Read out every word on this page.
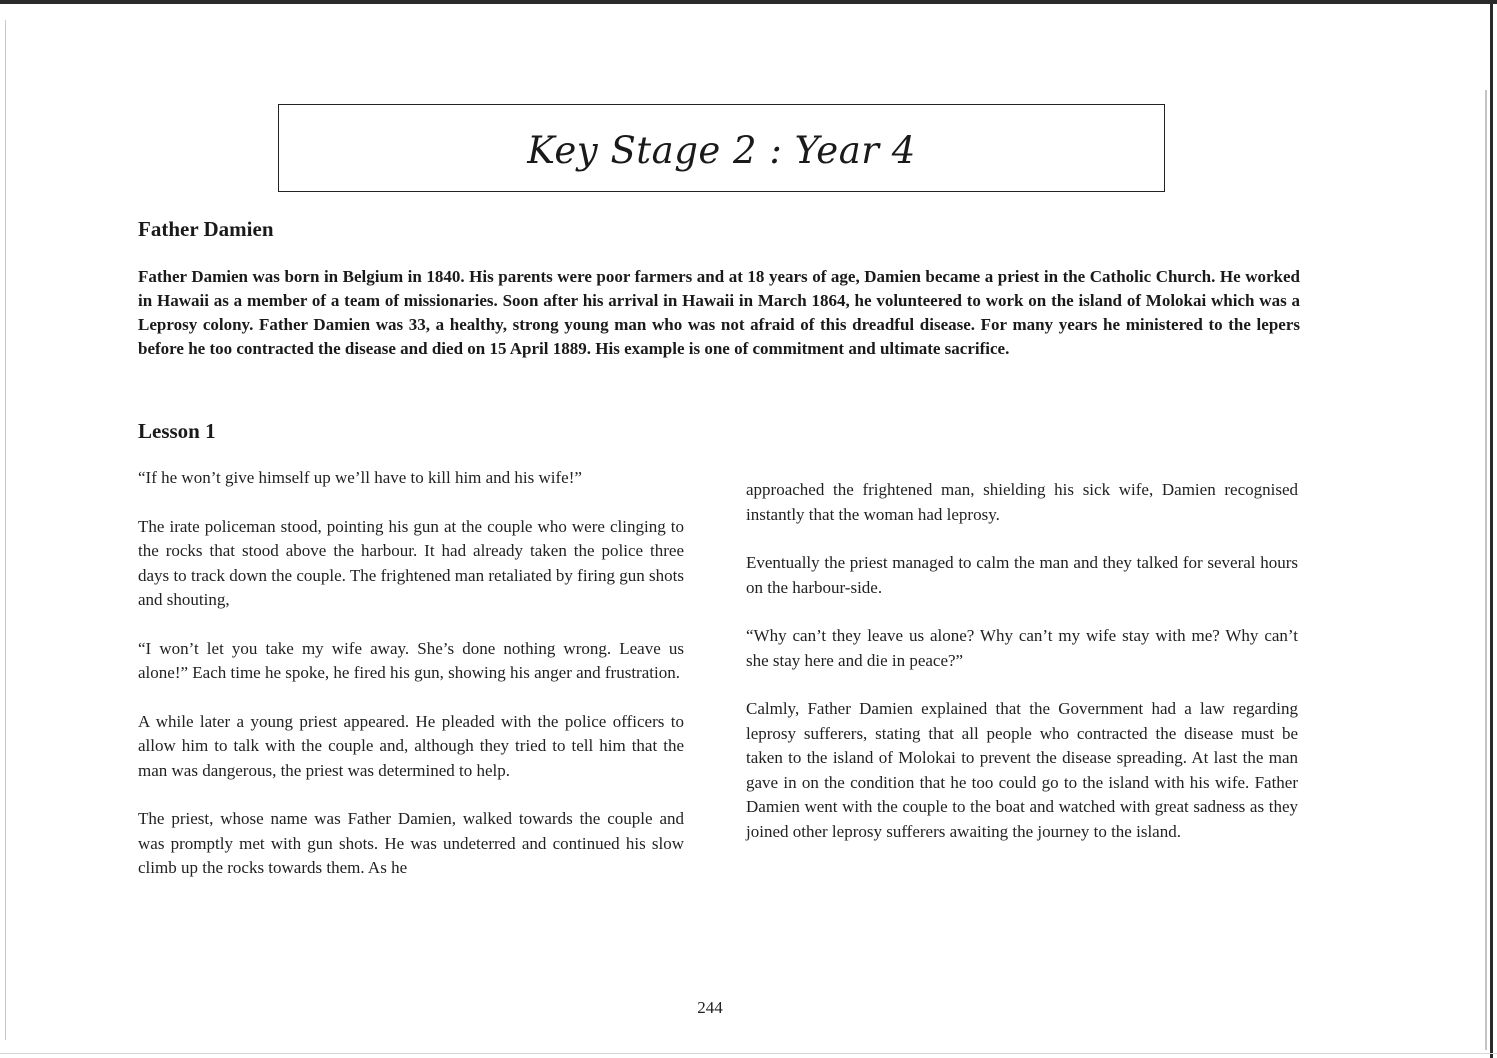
Key Stage 2 : Year 4
Father Damien

Father Damien was born in Belgium in 1840. His parents were poor farmers and at 18 years of age, Damien became a priest in the Catholic Church. He worked in Hawaii as a member of a team of missionaries. Soon after his arrival in Hawaii in March 1864, he volunteered to work on the island of Molokai which was a Leprosy colony. Father Damien was 33, a healthy, strong young man who was not afraid of this dreadful disease. For many years he ministered to the lepers before he too contracted the disease and died on 15 April 1889. His example is one of commitment and ultimate sacrifice.

Lesson 1

“If he won’t give himself up we’ll have to kill him and his wife!”

The irate policeman stood, pointing his gun at the couple who were clinging to the rocks that stood above the harbour. It had already taken the police three days to track down the couple. The frightened man retaliated by firing gun shots and shouting,

“I won’t let you take my wife away. She’s done nothing wrong. Leave us alone!” Each time he spoke, he fired his gun, showing his anger and frustration.

A while later a young priest appeared. He pleaded with the police officers to allow him to talk with the couple and, although they tried to tell him that the man was dangerous, the priest was determined to help.

The priest, whose name was Father Damien, walked towards the couple and was promptly met with gun shots. He was undeterred and continued his slow climb up the rocks towards them. As he

approached the frightened man, shielding his sick wife, Damien recognised instantly that the woman had leprosy.

Eventually the priest managed to calm the man and they talked for several hours on the harbour-side.

“Why can’t they leave us alone? Why can’t my wife stay with me? Why can’t she stay here and die in peace?”

Calmly, Father Damien explained that the Government had a law regarding leprosy sufferers, stating that all people who contracted the disease must be taken to the island of Molokai to prevent the disease spreading. At last the man gave in on the condition that he too could go to the island with his wife. Father Damien went with the couple to the boat and watched with great sadness as they joined other leprosy sufferers awaiting the journey to the island.

244
